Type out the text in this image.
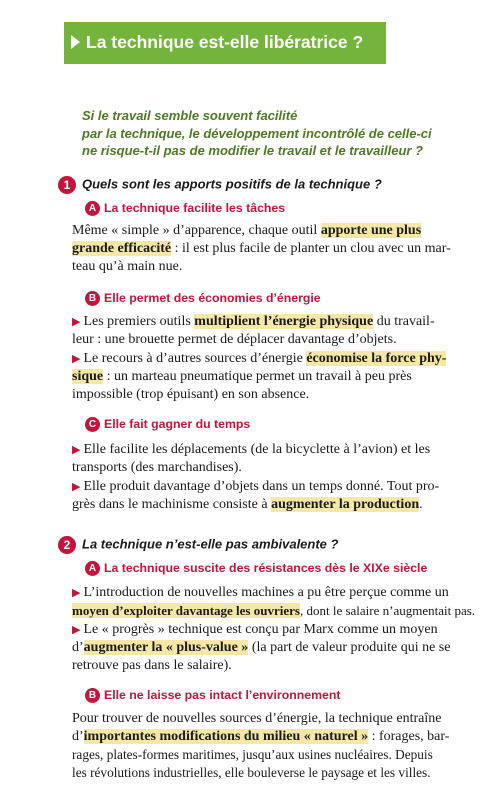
La technique est-elle libératrice ?
Si le travail semble souvent facilité
par la technique, le développement incontrôlé de celle-ci
ne risque-t-il pas de modifier le travail et le travailleur ?
1 Quels sont les apports positifs de la technique ?
A La technique facilite les tâches
Même « simple » d’apparence, chaque outil apporte une plus
grande efficacité : il est plus facile de planter un clou avec un mar-
teau qu’à main nue.
B Elle permet des économies d’énergie
▶ Les premiers outils multiplient l’énergie physique du travail-
leur : une brouette permet de déplacer davantage d’objets.
▶ Le recours à d’autres sources d’énergie économise la force phy-
sique : un marteau pneumatique permet un travail à peu près
impossible (trop épuisant) en son absence.
C Elle fait gagner du temps
▶ Elle facilite les déplacements (de la bicyclette à l’avion) et les
transports (des marchandises).
▶ Elle produit davantage d’objets dans un temps donné. Tout pro-
grès dans le machinisme consiste à augmenter la production.
2 La technique n’est-elle pas ambivalente ?
A La technique suscite des résistances dès le XIXe siècle
▶ L’introduction de nouvelles machines a pu être perçue comme un
moyen d’exploiter davantage les ouvriers, dont le salaire n’augmentait pas.
▶ Le « progrès » technique est conçu par Marx comme un moyen
d’augmenter la « plus-value » (la part de valeur produite qui ne se
retrouve pas dans le salaire).
B Elle ne laisse pas intact l’environnement
Pour trouver de nouvelles sources d’énergie, la technique entraîne
d’importantes modifications du milieu « naturel » : forages, bar-
rages, plates-formes maritimes, jusqu’aux usines nucléaires. Depuis
les révolutions industrielles, elle bouleverse le paysage et les villes.
